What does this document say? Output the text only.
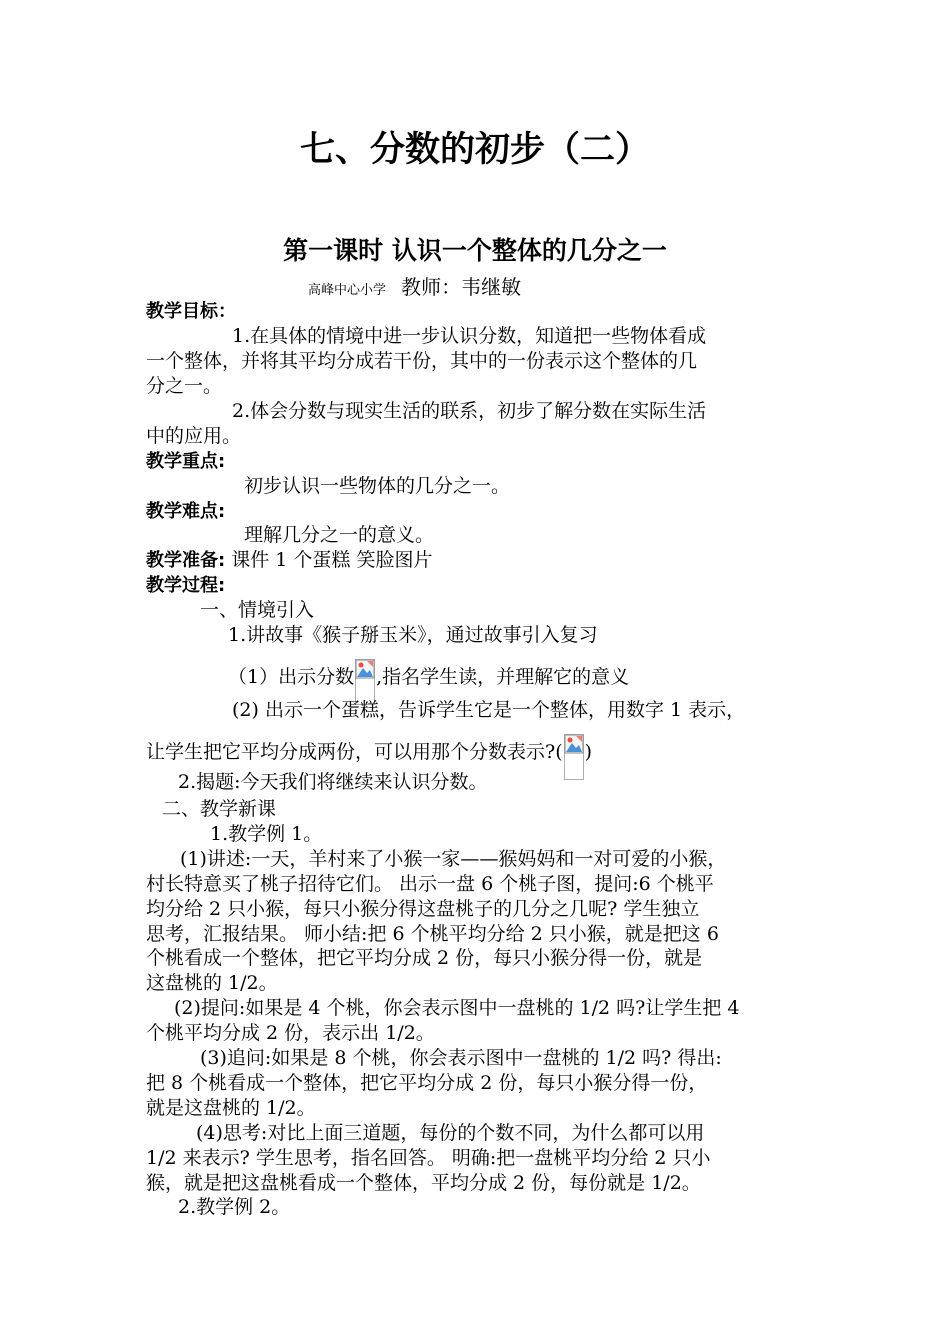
七、分数的初步（二）
第一课时 认识一个整体的几分之一
高峰中心小学 教师：韦继敏
教学目标：
1.在具体的情境中进一步认识分数，知道把一些物体看成
一个整体，并将其平均分成若干份，其中的一份表示这个整体的几
分之一。
2.体会分数与现实生活的联系，初步了解分数在实际生活
中的应用。
教学重点:
初步认识一些物体的几分之一。
教学难点:
理解几分之一的意义。
教学准备: 课件 1 个蛋糕 笑脸图片
教学过程:
一、情境引入
1.讲故事《猴子掰玉米》，通过故事引入复习
（1）出示分数 ,指名学生读，并理解它的意义
(2) 出示一个蛋糕，告诉学生它是一个整体，用数字 1 表示，
让学生把它平均分成两份，可以用那个分数表示?( )
2.揭题:今天我们将继续来认识分数。
二、教学新课
1.教学例 1。
(1)讲述:一天，羊村来了小猴一家——猴妈妈和一对可爱的小猴，
村长特意买了桃子招待它们。 出示一盘 6 个桃子图，提问:6 个桃平
均分给 2 只小猴，每只小猴分得这盘桃子的几分之几呢? 学生独立
思考，汇报结果。 师小结:把 6 个桃平均分给 2 只小猴，就是把这 6
个桃看成一个整体，把它平均分成 2 份，每只小猴分得一份，就是
这盘桃的 1/2。
(2)提问:如果是 4 个桃，你会表示图中一盘桃的 1/2 吗?让学生把 4
个桃平均分成 2 份，表示出 1/2。
(3)追问:如果是 8 个桃，你会表示图中一盘桃的 1/2 吗? 得出:
把 8 个桃看成一个整体，把它平均分成 2 份，每只小猴分得一份，
就是这盘桃的 1/2。
(4)思考:对比上面三道题，每份的个数不同，为什么都可以用
1/2 来表示? 学生思考，指名回答。 明确:把一盘桃平均分给 2 只小
猴，就是把这盘桃看成一个整体，平均分成 2 份，每份就是 1/2。
2.教学例 2。
